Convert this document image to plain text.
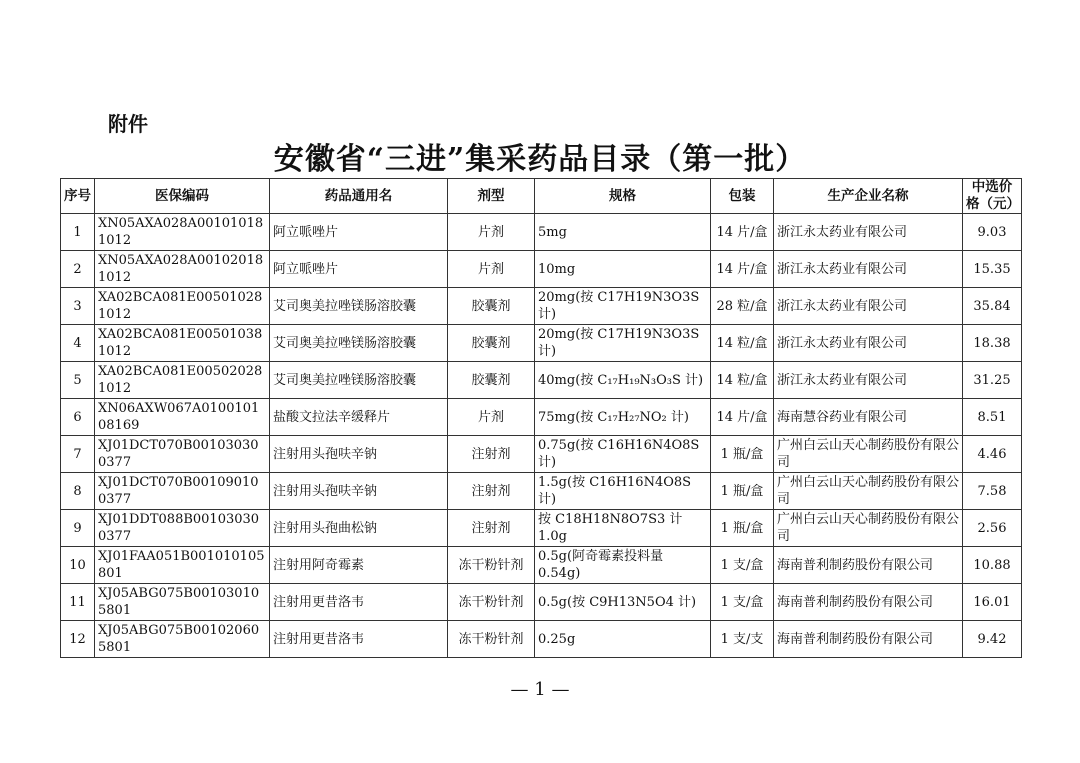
附件
安徽省“三进”集采药品目录（第一批）
序号	医保编码	药品通用名	剂型	规格	包装	生产企业名称	中选价格（元）
1	XN05AXA028A001010181012	阿立哌唑片	片剂	5mg	14 片/盒	浙江永太药业有限公司	9.03
2	XN05AXA028A001020181012	阿立哌唑片	片剂	10mg	14 片/盒	浙江永太药业有限公司	15.35
3	XA02BCA081E005010281012	艾司奥美拉唑镁肠溶胶囊	胶囊剂	20mg(按 C17H19N3O3S 计)	28 粒/盒	浙江永太药业有限公司	35.84
4	XA02BCA081E005010381012	艾司奥美拉唑镁肠溶胶囊	胶囊剂	20mg(按 C17H19N3O3S 计)	14 粒/盒	浙江永太药业有限公司	18.38
5	XA02BCA081E005020281012	艾司奥美拉唑镁肠溶胶囊	胶囊剂	40mg(按 C₁₇H₁₉N₃O₃S 计)	14 粒/盒	浙江永太药业有限公司	31.25
6	XN06AXW067A010010108169	盐酸文拉法辛缓释片	片剂	75mg(按 C₁₇H₂₇NO₂ 计)	14 片/盒	海南慧谷药业有限公司	8.51
7	XJ01DCT070B001030300377	注射用头孢呋辛钠	注射剂	0.75g(按 C16H16N4O8S 计)	1 瓶/盒	广州白云山天心制药股份有限公司	4.46
8	XJ01DCT070B001090100377	注射用头孢呋辛钠	注射剂	1.5g(按 C16H16N4O8S 计)	1 瓶/盒	广州白云山天心制药股份有限公司	7.58
9	XJ01DDT088B001030300377	注射用头孢曲松钠	注射剂	按 C18H18N8O7S3 计 1.0g	1 瓶/盒	广州白云山天心制药股份有限公司	2.56
10	XJ01FAA051B001010105801	注射用阿奇霉素	冻干粉针剂	0.5g(阿奇霉素投料量 0.54g)	1 支/盒	海南普利制药股份有限公司	10.88
11	XJ05ABG075B001030105801	注射用更昔洛韦	冻干粉针剂	0.5g(按 C9H13N5O4 计)	1 支/盒	海南普利制药股份有限公司	16.01
12	XJ05ABG075B001020605801	注射用更昔洛韦	冻干粉针剂	0.25g	1 支/支	海南普利制药股份有限公司	9.42
— 1 —
